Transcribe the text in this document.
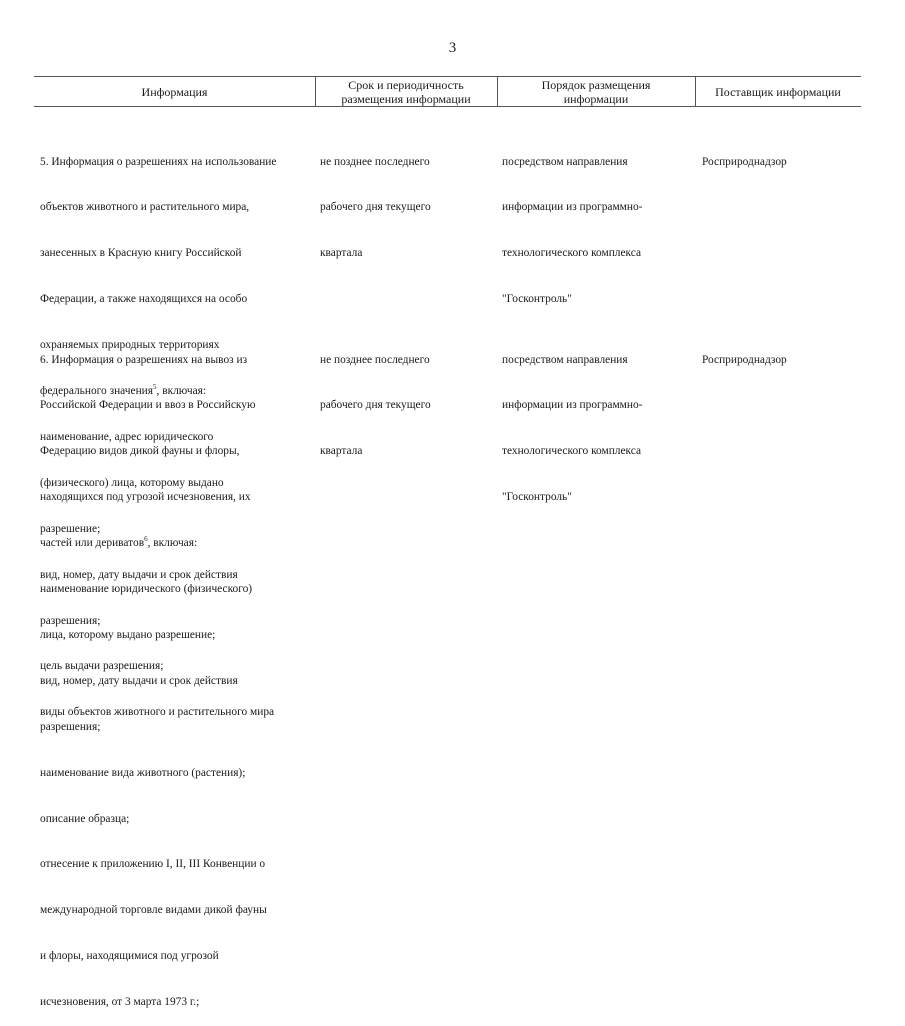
3
Информация	Срок и периодичность
размещения информации
Порядок размещения
информации	Поставщик информации

5. Информация о разрешениях на использование

объектов животного и растительного мира,

занесенных в Красную книгу Российской

Федерации, а также находящихся на особо

охраняемых природных территориях

федерального значения$^5$, включая:

наименование, адрес юридического

(физического) лица, которому выдано

разрешение;

вид, номер, дату выдачи и срок действия

разрешения;

цель выдачи разрешения;

виды объектов животного и растительного мира

не позднее последнего

рабочего дня текущего

квартала

посредством направления

информации из программно-

технологического комплекса

"Госконтроль"

Росприроднадзор

6. Информация о разрешениях на вывоз из

Российской Федерации и ввоз в Российскую

Федерацию видов дикой фауны и флоры,

находящихся под угрозой исчезновения, их

частей или дериватов$^6$, включая:

наименование юридического (физического)

лица, которому выдано разрешение;

вид, номер, дату выдачи и срок действия

разрешения;

наименование вида животного (растения);

описание образца;

отнесение к приложению I, II, III Конвенции о

международной торговле видами дикой фауны

и флоры, находящимися под угрозой

исчезновения, от 3 марта 1973 г.;

не позднее последнего

рабочего дня текущего

квартала

посредством направления

информации из программно-

технологического комплекса

"Госконтроль"

Росприроднадзор
